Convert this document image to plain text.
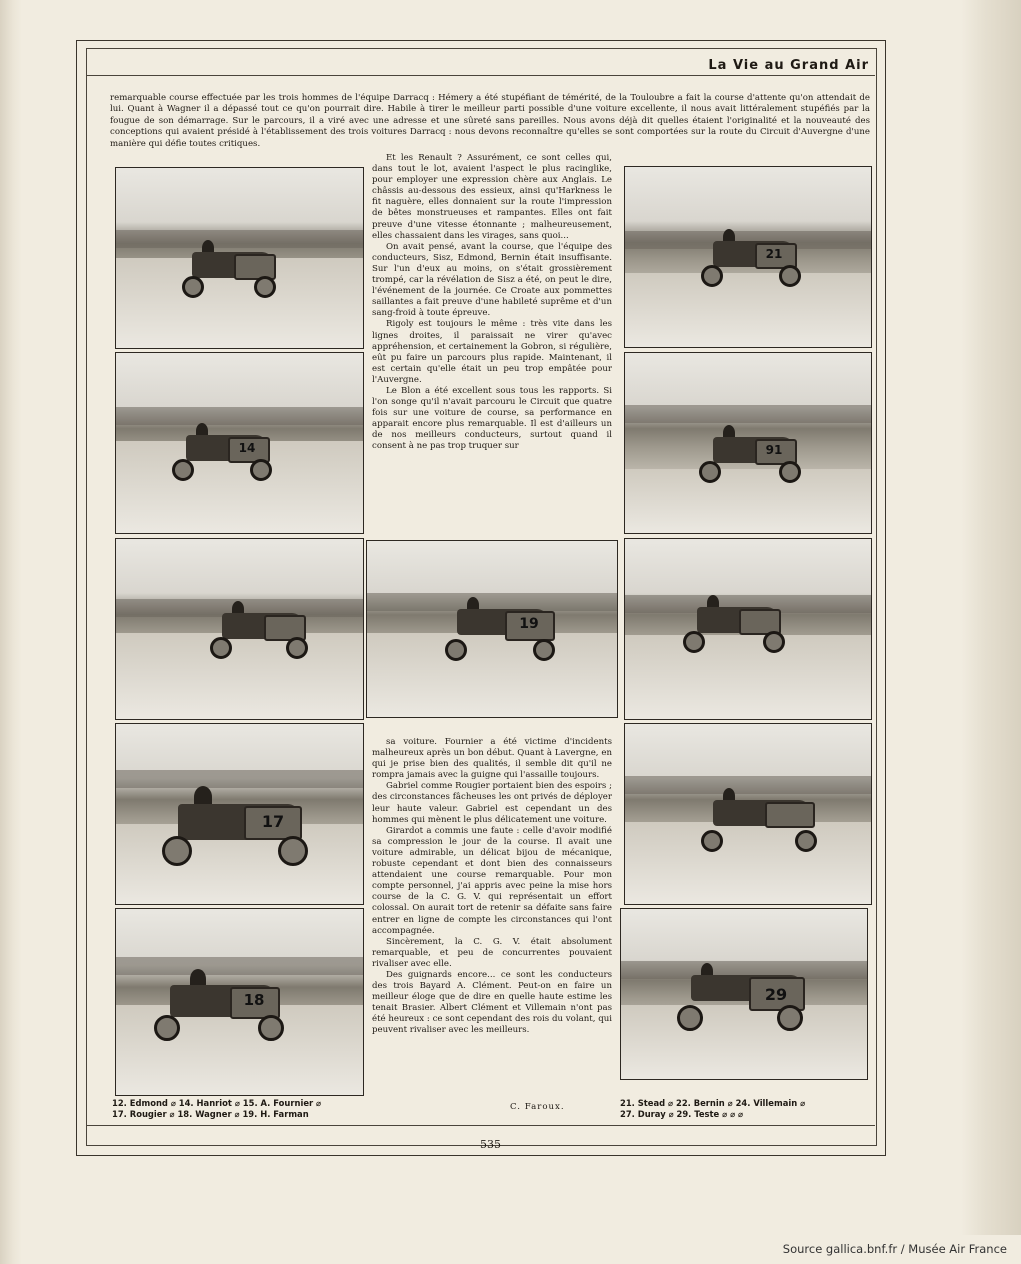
La Vie au Grand Air
remarquable course effectuée par les trois hommes de l'équipe Darracq : Hémery a été stupéfiant de témérité, de la Touloubre a fait la course d'attente qu'on attendait de lui. Quant à Wagner il a dépassé tout ce qu'on pourrait dire. Habile à tirer le meilleur parti possible d'une voiture excellente, il nous avait littéralement stupéfiés par la fougue de son démarrage. Sur le parcours, il a viré avec une adresse et une sûreté sans pareilles. Nous avons déjà dit quelles étaient l'originalité et la nouveauté des conceptions qui avaient présidé à l'établissement des trois voitures Darracq : nous devons reconnaître qu'elles se sont comportées sur la route du Circuit d'Auvergne d'une manière qui défie toutes critiques.

Et les Renault ? Assurément, ce sont celles qui, dans tout le lot, avaient l'aspect le plus racinglike, pour employer une expression chère aux Anglais. Le châssis au-dessous des essieux, ainsi qu'Harkness le fit naguère, elles donnaient sur la route l'impression de bêtes monstrueuses et rampantes. Elles ont fait preuve d'une vitesse étonnante ; malheureusement, elles chassaient dans les virages, sans quoi...

On avait pensé, avant la course, que l'équipe des conducteurs, Sisz, Edmond, Bernin était insuffisante. Sur l'un d'eux au moins, on s'était grossièrement trompé, car la révélation de Sisz a été, on peut le dire, l'événement de la journée. Ce Croate aux pommettes saillantes a fait preuve d'une habileté suprême et d'un sang-froid à toute épreuve.

Rigoly est toujours le même : très vite dans les lignes droites, il paraissait ne virer qu'avec appréhension, et certainement la Gobron, si régulière, eût pu faire un parcours plus rapide. Maintenant, il est certain qu'elle était un peu trop empâtée pour l'Auvergne.

Le Blon a été excellent sous tous les rapports. Si l'on songe qu'il n'avait parcouru le Circuit que quatre fois sur une voiture de course, sa performance en apparait encore plus remarquable. Il est d'ailleurs un de nos meilleurs conducteurs, surtout quand il consent à ne pas trop truquer sur

sa voiture. Fournier a été victime d'incidents malheureux après un bon début. Quant à Lavergne, en qui je prise bien des qualités, il semble dit qu'il ne rompra jamais avec la guigne qui l'assaille toujours.

Gabriel comme Rougier portaient bien des espoirs ; des circonstances fâcheuses les ont privés de déployer leur haute valeur. Gabriel est cependant un des hommes qui mènent le plus délicatement une voiture.

Girardot a commis une faute : celle d'avoir modifié sa compression le jour de la course. Il avait une voiture admirable, un délicat bijou de mécanique, robuste cependant et dont bien des connaisseurs attendaient une course remarquable. Pour mon compte personnel, j'ai appris avec peine la mise hors course de la C. G. V. qui représentait un effort colossal. On aurait tort de retenir sa défaite sans faire entrer en ligne de compte les circonstances qui l'ont accompagnée.

Sincèrement, la C. G. V. était absolument remarquable, et peu de concurrentes pouvaient rivaliser avec elle.

Des guignards encore... ce sont les conducteurs des trois Bayard A. Clément. Peut-on en faire un meilleur éloge que de dire en quelle haute estime les tenait Brasier. Albert Clément et Villemain n'ont pas été heureux : ce sont cependant des rois du volant, qui peuvent rivaliser avec les meilleurs.

C. Faroux.
14
17
18
19
21
91
29
12. Edmond ⌀ 14. Hanriot ⌀ 15. A. Fournier ⌀
17. Rougier ⌀ 18. Wagner ⌀ 19. H. Farman
21. Stead ⌀ 22. Bernin ⌀ 24. Villemain ⌀
27. Duray ⌀ 29. Teste ⌀ ⌀ ⌀
535
Source gallica.bnf.fr / Musée Air France
